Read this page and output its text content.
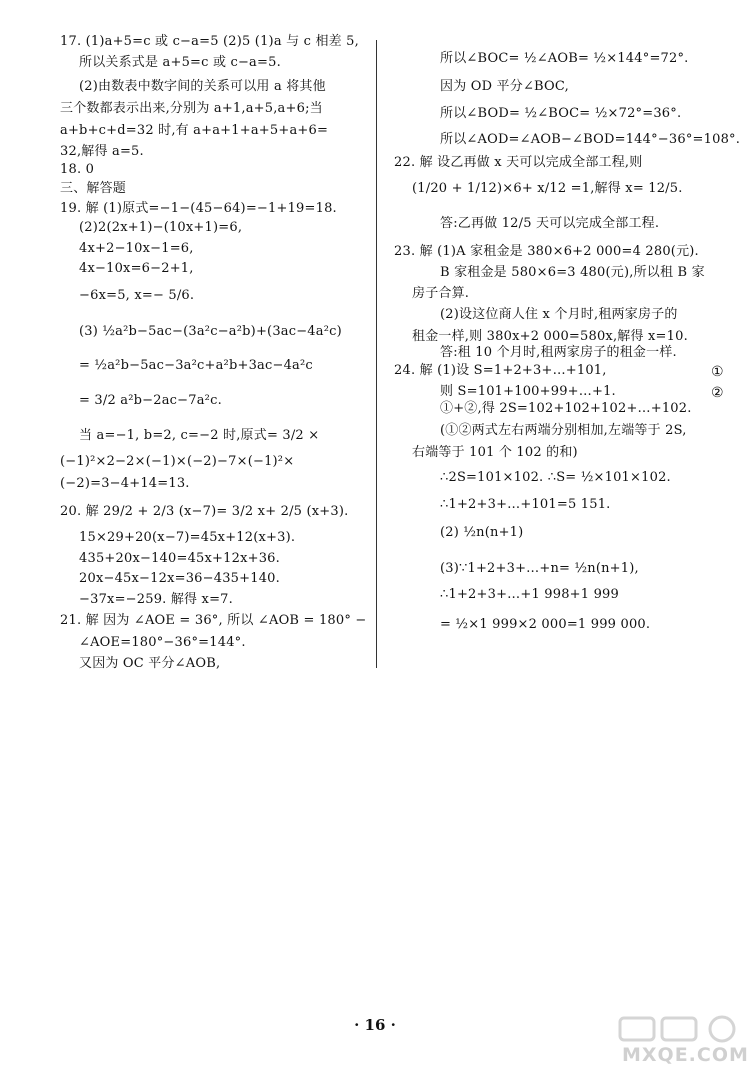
①
②
· 16 ·
MXQE.COM
17. (1)a+5=c 或 c−a=5 (2)5 (1)a 与 c 相差 5,
所以关系式是 a+5=c 或 c−a=5.
(2)由数表中数字间的关系可以用 a 将其他
三个数都表示出来,分别为 a+1,a+5,a+6;当
a+b+c+d=32 时,有 a+a+1+a+5+a+6=
32,解得 a=5.
18. 0
三、解答题
19. 解 (1)原式=−1−(45−64)=−1+19=18.
(2)2(2x+1)−(10x+1)=6,
4x+2−10x−1=6,
4x−10x=6−2+1,
−6x=5, x=− 5/6.
(3) ½a²b−5ac−(3a²c−a²b)+(3ac−4a²c)
= ½a²b−5ac−3a²c+a²b+3ac−4a²c
= 3/2 a²b−2ac−7a²c.
当 a=−1, b=2, c=−2 时,原式= 3/2 ×
(−1)²×2−2×(−1)×(−2)−7×(−1)²×
(−2)=3−4+14=13.
20. 解 29/2 + 2/3 (x−7)= 3/2 x+ 2/5 (x+3).
15×29+20(x−7)=45x+12(x+3).
435+20x−140=45x+12x+36.
20x−45x−12x=36−435+140.
−37x=−259. 解得 x=7.
21. 解 因为 ∠AOE = 36°, 所以 ∠AOB = 180° −
∠AOE=180°−36°=144°.
又因为 OC 平分∠AOB,
所以∠BOC= ½∠AOB= ½×144°=72°.
因为 OD 平分∠BOC,
所以∠BOD= ½∠BOC= ½×72°=36°.
所以∠AOD=∠AOB−∠BOD=144°−36°=108°.
22. 解 设乙再做 x 天可以完成全部工程,则
(1/20 + 1/12)×6+ x/12 =1,解得 x= 12/5.
答:乙再做 12/5 天可以完成全部工程.
23. 解 (1)A 家租金是 380×6+2 000=4 280(元).
B 家租金是 580×6=3 480(元),所以租 B 家
房子合算.
(2)设这位商人住 x 个月时,租两家房子的
租金一样,则 380x+2 000=580x,解得 x=10.
答:租 10 个月时,租两家房子的租金一样.
24. 解 (1)设 S=1+2+3+…+101,
则 S=101+100+99+…+1.
①+②,得 2S=102+102+102+…+102.
(①②两式左右两端分别相加,左端等于 2S,
右端等于 101 个 102 的和)
∴2S=101×102. ∴S= ½×101×102.
∴1+2+3+…+101=5 151.
(2) ½n(n+1)
(3)∵1+2+3+…+n= ½n(n+1),
∴1+2+3+…+1 998+1 999
= ½×1 999×2 000=1 999 000.
